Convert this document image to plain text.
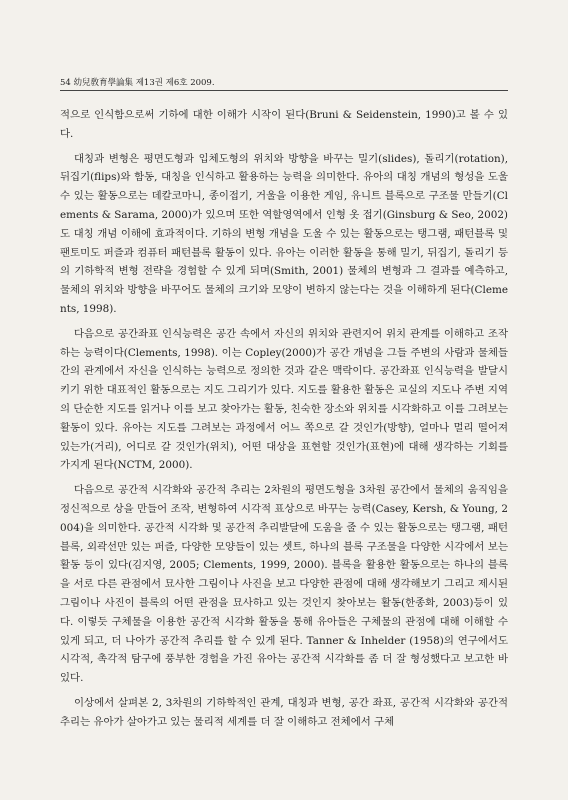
54 幼兒敎育學論集 제13권 제6호 2009.

적으로 인식함으로써 기하에 대한 이해가 시작이 된다(Bruni & Seidenstein, 1990)고 볼 수 있다.

대칭과 변형은 평면도형과 입체도형의 위치와 방향을 바꾸는 밀기(slides), 돌리기(rotation), 뒤집기(flips)와 함동, 대칭을 인식하고 활용하는 능력을 의미한다. 유아의 대칭 개념의 형성을 도울 수 있는 활동으로는 데칼코마니, 종이접기, 거울을 이용한 게임, 유니트 블록으로 구조물 만들기(Clements & Sarama, 2000)가 있으며 또한 역할영역에서 인형 옷 접기(Ginsburg & Seo, 2002)도 대칭 개념 이해에 효과적이다. 기하의 변형 개념을 도울 수 있는 활동으로는 탱그램, 패턴블록 및 팬토미도 퍼즐과 컴퓨터 패턴블록 활동이 있다. 유아는 이러한 활동을 통해 밀기, 뒤집기, 돌리기 등의 기하학적 변형 전략을 경험할 수 있게 되며(Smith, 2001) 물체의 변형과 그 결과를 예측하고, 물체의 위치와 방향을 바꾸어도 물체의 크기와 모양이 변하지 않는다는 것을 이해하게 된다(Clements, 1998).

다음으로 공간좌표 인식능력은 공간 속에서 자신의 위치와 관련지어 위치 관계를 이해하고 조작하는 능력이다(Clements, 1998). 이는 Copley(2000)가 공간 개념을 그들 주변의 사람과 물체들 간의 관계에서 자신을 인식하는 능력으로 정의한 것과 같은 맥락이다. 공간좌표 인식능력을 발달시키기 위한 대표적인 활동으로는 지도 그리기가 있다. 지도를 활용한 활동은 교실의 지도나 주변 지역의 단순한 지도를 읽거나 이를 보고 찾아가는 활동, 친숙한 장소와 위치를 시각화하고 이를 그려보는 활동이 있다. 유아는 지도를 그려보는 과정에서 어느 쪽으로 갈 것인가(방향), 얼마나 멀리 떨어져 있는가(거리), 어디로 갈 것인가(위치), 어떤 대상을 표현할 것인가(표현)에 대해 생각하는 기회를 가지게 된다(NCTM, 2000).

다음으로 공간적 시각화와 공간적 추리는 2차원의 평면도형을 3차원 공간에서 물체의 움직임을 정신적으로 상을 만들어 조작, 변형하여 시각적 표상으로 바꾸는 능력(Casey, Kersh, & Young, 2004)을 의미한다. 공간적 시각화 및 공간적 추리발달에 도움을 줄 수 있는 활동으로는 탱그램, 패턴 블록, 외곽선만 있는 퍼즐, 다양한 모양들이 있는 셋트, 하나의 블록 구조물을 다양한 시각에서 보는 활동 등이 있다(김지영, 2005; Clements, 1999, 2000). 블록을 활용한 활동으로는 하나의 블록을 서로 다른 관점에서 묘사한 그림이나 사진을 보고 다양한 관점에 대해 생각해보기 그리고 제시된 그림이나 사진이 블록의 어떤 관점을 묘사하고 있는 것인지 찾아보는 활동(한종화, 2003)등이 있다. 이렇듯 구체물을 이용한 공간적 시각화 활동을 통해 유아들은 구체물의 관점에 대해 이해할 수 있게 되고, 더 나아가 공간적 추리를 할 수 있게 된다. Tanner & Inhelder (1958)의 연구에서도 시각적, 촉각적 탐구에 풍부한 경험을 가진 유아는 공간적 시각화를 좀 더 잘 형성했다고 보고한 바 있다.

이상에서 살펴본 2, 3차원의 기하학적인 관계, 대칭과 변형, 공간 좌표, 공간적 시각화와 공간적 추리는 유아가 살아가고 있는 물리적 세계를 더 잘 이해하고 전체에서 구체
